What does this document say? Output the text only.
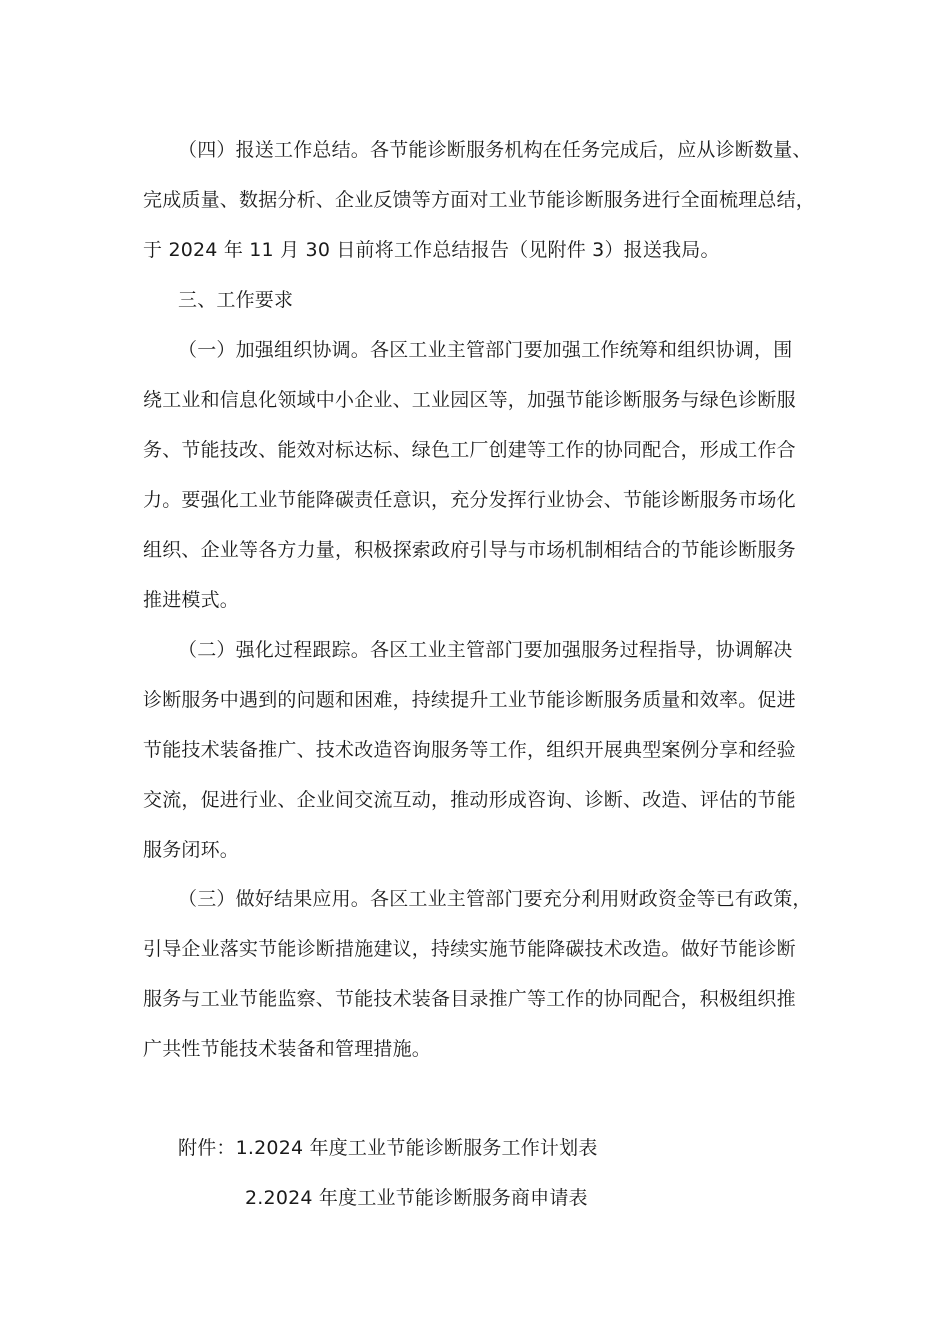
（四）报送工作总结。各节能诊断服务机构在任务完成后，应从诊断数量、
完成质量、数据分析、企业反馈等方面对工业节能诊断服务进行全面梳理总结，
于 2024 年 11 月 30 日前将工作总结报告（见附件 3）报送我局。
三、工作要求
（一）加强组织协调。各区工业主管部门要加强工作统筹和组织协调，围
绕工业和信息化领域中小企业、工业园区等，加强节能诊断服务与绿色诊断服
务、节能技改、能效对标达标、绿色工厂创建等工作的协同配合，形成工作合
力。要强化工业节能降碳责任意识，充分发挥行业协会、节能诊断服务市场化
组织、企业等各方力量，积极探索政府引导与市场机制相结合的节能诊断服务
推进模式。
（二）强化过程跟踪。各区工业主管部门要加强服务过程指导，协调解决
诊断服务中遇到的问题和困难，持续提升工业节能诊断服务质量和效率。促进
节能技术装备推广、技术改造咨询服务等工作，组织开展典型案例分享和经验
交流，促进行业、企业间交流互动，推动形成咨询、诊断、改造、评估的节能
服务闭环。
（三）做好结果应用。各区工业主管部门要充分利用财政资金等已有政策，
引导企业落实节能诊断措施建议，持续实施节能降碳技术改造。做好节能诊断
服务与工业节能监察、节能技术装备目录推广等工作的协同配合，积极组织推
广共性节能技术装备和管理措施。
附件：1.2024 年度工业节能诊断服务工作计划表
2.2024 年度工业节能诊断服务商申请表
